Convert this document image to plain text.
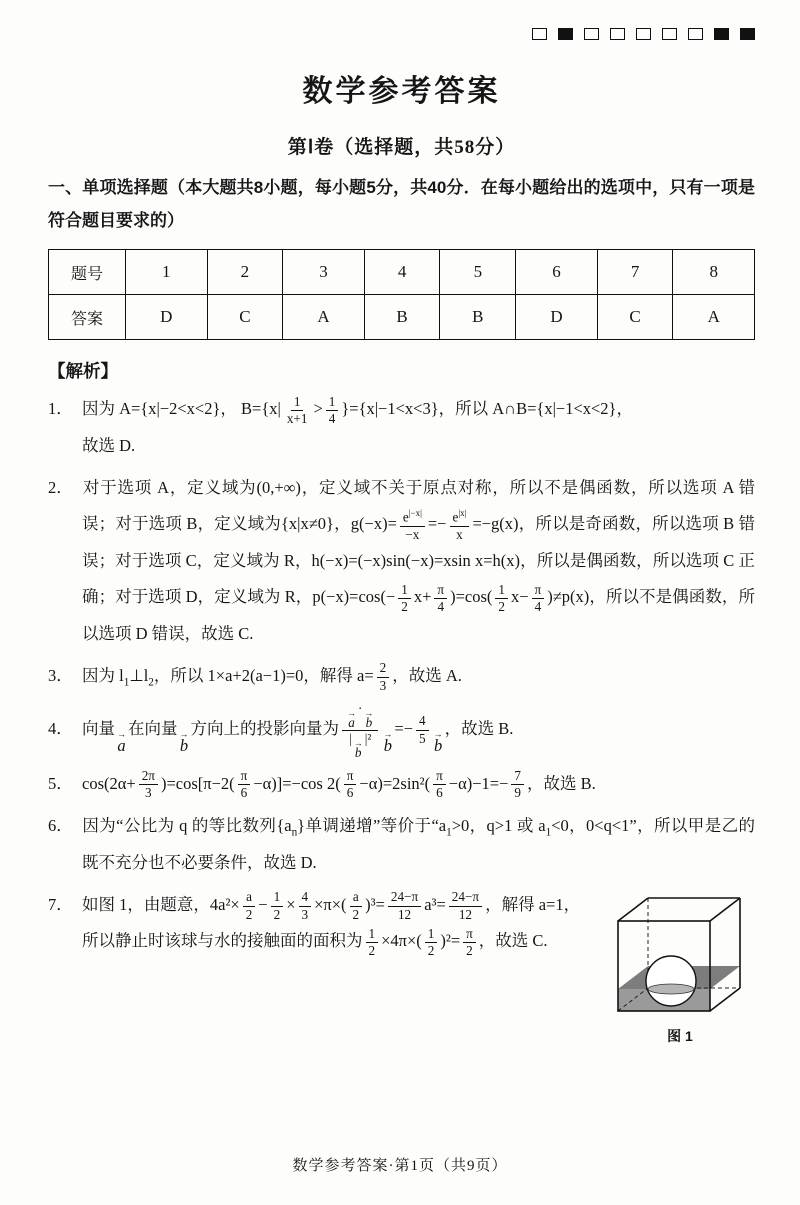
数学参考答案
第Ⅰ卷（选择题，共58分）

一、单项选择题（本大题共8小题，每小题5分，共40分．在每小题给出的选项中，只有一项是符合题目要求的）

题号	1	2	3	4	5	6	7	8
答案	D	C	A	B	B	D	C	A

【解析】

1． 因为 A={x|−2<x<2}， $B=\{x| \frac{1}{x+1} > \frac{1}{4} \}=\{x|-1<x<3\}$，所以 A∩B={x|−1<x<2}，

故选 D.

2． 对于选项 A，定义域为(0,+∞)，定义域不关于原点对称，所以不是偶函数，所以选项 A 错误；对于选项 B，定义域为{x|x≠0}，$g(-x)= \frac{e^{|-x|}}{-x} =- \frac{e^{|x|}}{x} =-g(x)$，所以是奇函数，所以选项 B 错误；对于选项 C，定义域为 R，h(−x)=(−x)sin(−x)=xsin x=h(x)，所以是偶函数，所以选项 C 正确；对于选项 D，定义域为 R，$p(-x)=\cos(- \frac{1}{2} x+ \frac{\pi}{4} )=\cos( \frac{1}{2} x- \frac{\pi}{4} )\ne p(x)$，所以不是偶函数，所以选项 D 错误，故选 C.

3． 因为 $l_1\perp l_2$，所以 1×a+2(a−1)=0，解得 $a= \frac{2}{3}$ ，故选 A.

4． 向量 →
a
在向量 →
b
方向上的投影向量为 →
a
· →
b
| →
b
|² →
b
=− $\frac{4}{5}$ →
b
，故选 B.

5． $\cos(2\alpha+ \frac{2\pi}{3} )=\cos[\pi-2( \frac{\pi}{6} -\alpha)]=-\cos$ $2( \frac{\pi}{6} -\alpha)=2\sin^2( \frac{\pi}{6} -\alpha)-1=- \frac{7}{9}$ ，故选 B.

6． 因为“公比为 q 的等比数列$\{a_n\}$单调递增”等价于“$a_1>0$，q>1 或 $a_1<0$，0<q<1”，所以甲是乙的既不充分也不必要条件，故选 D.

图 1

7． 如图 1，由题意，$4a^2\times \frac{a}{2} - \frac{1}{2} \times \frac{4}{3} \times\pi\times( \frac{a}{2} )^3= \frac{24-\pi}{12} a^3= \frac{24-\pi}{12}$ ，解得 a=1，

所以静止时该球与水的接触面的面积为 $\frac{1}{2} \times 4\pi\times( \frac{1}{2} )^2= \frac{\pi}{2}$ ，故选 C.

数学参考答案·第1页（共9页）
